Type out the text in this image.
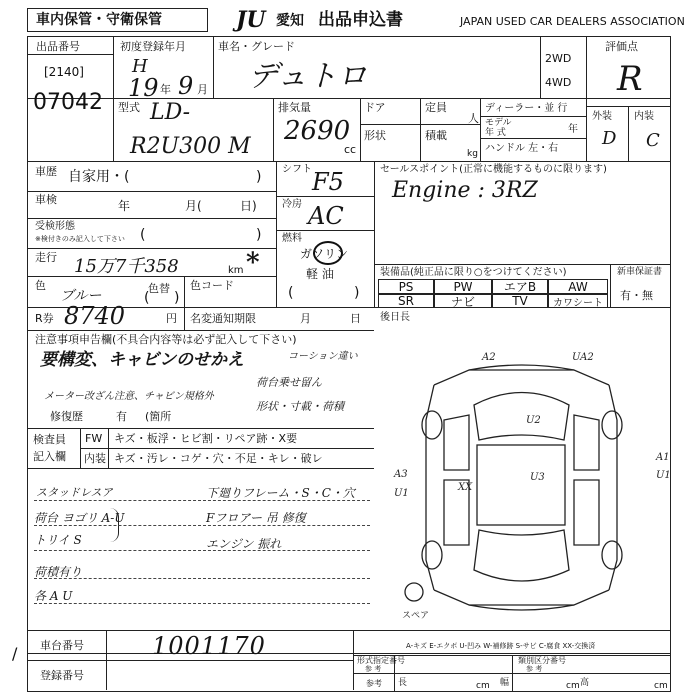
車内保管・守衛保管	JU 愛知 出品申込書	JAPAN USED CAR DEALERS ASSOCIATION
出品番号
[2140]
07042
初度登録年月
H
19 年 9 月
車名・グレード
デュトロ
2WD
4WD
評価点
R
外装 内装
D C
型式 LD-
R2U300 M
排気量
2690
cc
ドア
形状
定員
人
積載
kg
ディーラー・並 行
モデル
年 式	年
ハンドル 左・右
車歴 自家用・(	)
車検	年	月(	日)
受検形態
※検付きのみ記入して下さい (	)
走行 15万7千358	km *
色
ブルー	色替
( )
色コード
シフト F5
冷房 AC
燃料
ガソリン
軽 油
(	)
セールスポイント(正常に機能するものに限ります)
Engine : 3RZ
装備品(純正品に限り○をつけてください)
PS	PW	エアB	AW
SR	ナビ	TV	カワシート
新車保証書
有・無
R券 8740	円 名変通知期限	月	日 後日長
注意事項申告欄(不具合内容等は必ず記入して下さい)
要構変、キャビンのせかえ	コーション違い
メーター改ざん注意、チャビン規格外
荷台乗せ留ん
形状・寸載・荷積
修復歴	有 (箇所
検査員
記入欄
FW キズ・板浮・ヒビ割・リペア跡・X要
内装 キズ・汚レ・コゲ・穴・不足・キレ・破レ
スタッドレスア
荷台 ヨゴリ A-U
トリイ S
荷積有り
各 A U
下廻りフレーム・S・C・穴
Fフロアー 吊 修復
エンジン 振れ
A2	UA2
U2
A3
U1
XX
U3
A1
U1
スペア
A-キズ E-エクボ U-凹み W-補修跡 S-サビ C-腐食 XX-交換済
車台番号	1001170
登録番号
形式指定番号
参 考
類別区分番号
参 考
参考 長	cm 幅	cm 高	cm
/
